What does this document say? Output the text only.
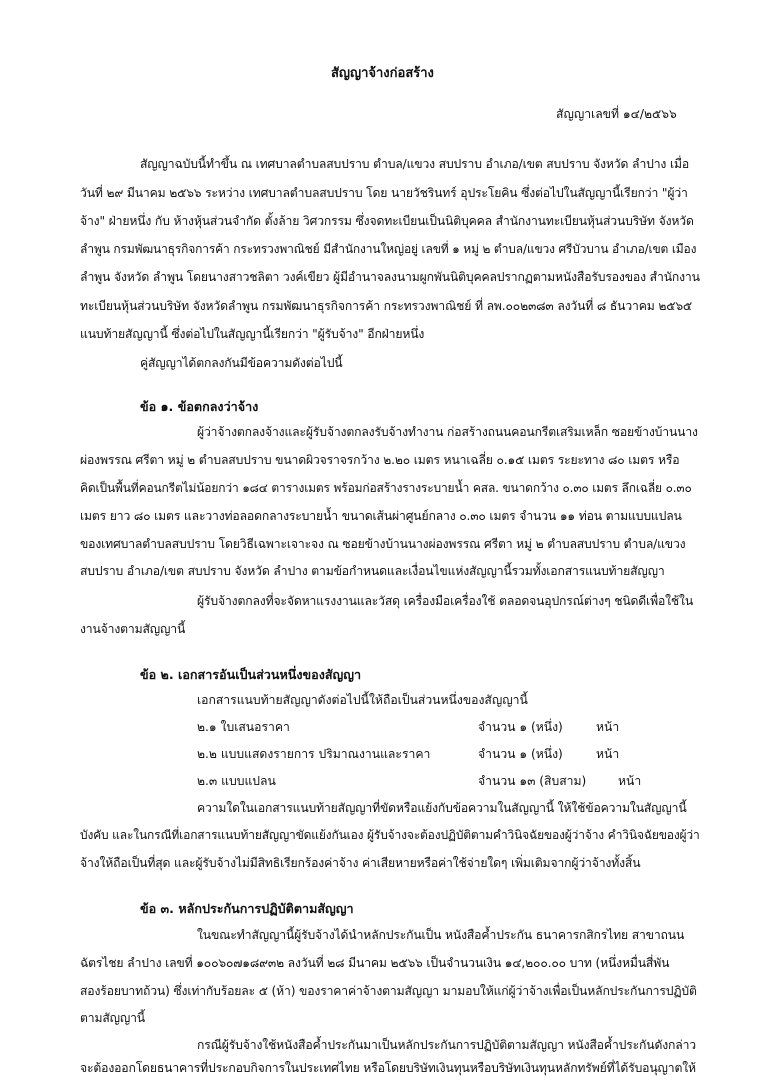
สัญญาจ้างก่อสร้าง
สัญญาเลขที่ ๑๔/๒๕๖๖
สัญญาฉบับนี้ทำขึ้น ณ เทศบาลตำบลสบปราบ ตำบล/แขวง สบปราบ อำเภอ/เขต สบปราบ จังหวัด ลำปาง เมื่อ
วันที่ ๒๙ มีนาคม ๒๕๖๖ ระหว่าง เทศบาลตำบลสบปราบ โดย นายวัชรินทร์ อุประโยคิน ซึ่งต่อไปในสัญญานี้เรียกว่า "ผู้ว่า
จ้าง" ฝ่ายหนึ่ง กับ ห้างหุ้นส่วนจำกัด ตั้งล้าย วิศวกรรม ซึ่งจดทะเบียนเป็นนิติบุคคล สำนักงานทะเบียนหุ้นส่วนบริษัท จังหวัด
ลำพูน กรมพัฒนาธุรกิจการค้า กระทรวงพาณิชย์ มีสำนักงานใหญ่อยู่ เลขที่ ๑ หมู่ ๒ ตำบล/แขวง ศรีบัวบาน อำเภอ/เขต เมือง
ลำพูน จังหวัด ลำพูน โดยนางสาวชลิตา วงค์เขียว ผู้มีอำนาจลงนามผูกพันนิติบุคคลปรากฏตามหนังสือรับรองของ สำนักงาน
ทะเบียนหุ้นส่วนบริษัท จังหวัดลำพูน กรมพัฒนาธุรกิจการค้า กระทรวงพาณิชย์ ที่ ลพ.๐๐๒๓๘๓ ลงวันที่ ๘ ธันวาคม ๒๕๖๕
แนบท้ายสัญญานี้ ซึ่งต่อไปในสัญญานี้เรียกว่า "ผู้รับจ้าง" อีกฝ่ายหนึ่ง
คู่สัญญาได้ตกลงกันมีข้อความดังต่อไปนี้
ข้อ ๑. ข้อตกลงว่าจ้าง
ผู้ว่าจ้างตกลงจ้างและผู้รับจ้างตกลงรับจ้างทำงาน ก่อสร้างถนนคอนกรีตเสริมเหล็ก ซอยข้างบ้านนาง
ผ่องพรรณ ศรีตา หมู่ ๒ ตำบลสบปราบ ขนาดผิวจราจรกว้าง ๒.๒๐ เมตร หนาเฉลี่ย ๐.๑๕ เมตร ระยะทาง ๘๐ เมตร หรือ
คิดเป็นพื้นที่คอนกรีตไม่น้อยกว่า ๑๘๔ ตารางเมตร พร้อมก่อสร้างรางระบายน้ำ คสล. ขนาดกว้าง ๐.๓๐ เมตร ลึกเฉลี่ย ๐.๓๐
เมตร ยาว ๘๐ เมตร และวางท่อลอดกลางระบายน้ำ ขนาดเส้นผ่าศูนย์กลาง ๐.๓๐ เมตร จำนวน ๑๑ ท่อน ตามแบบแปลน
ของเทศบาลตำบลสบปราบ โดยวิธีเฉพาะเจาะจง ณ ซอยข้างบ้านนางผ่องพรรณ ศรีตา หมู่ ๒ ตำบลสบปราบ ตำบล/แขวง
สบปราบ อำเภอ/เขต สบปราบ จังหวัด ลำปาง ตามข้อกำหนดและเงื่อนไขแห่งสัญญานี้รวมทั้งเอกสารแนบท้ายสัญญา
ผู้รับจ้างตกลงที่จะจัดหาแรงงานและวัสดุ เครื่องมือเครื่องใช้ ตลอดจนอุปกรณ์ต่างๆ ชนิดดีเพื่อใช้ใน
งานจ้างตามสัญญานี้
ข้อ ๒. เอกสารอันเป็นส่วนหนึ่งของสัญญา
เอกสารแนบท้ายสัญญาดังต่อไปนี้ให้ถือเป็นส่วนหนึ่งของสัญญานี้
๒.๑ ใบเสนอราคา	จำนวน ๑ (หนึ่ง)	หน้า
๒.๒ แบบแสดงรายการ ปริมาณงานและราคา	จำนวน ๑ (หนึ่ง)	หน้า
๒.๓ แบบแปลน	จำนวน ๑๓ (สิบสาม)	หน้า
ความใดในเอกสารแนบท้ายสัญญาที่ขัดหรือแย้งกับข้อความในสัญญานี้ ให้ใช้ข้อความในสัญญานี้
บังคับ และในกรณีที่เอกสารแนบท้ายสัญญาขัดแย้งกันเอง ผู้รับจ้างจะต้องปฏิบัติตามคำวินิจฉัยของผู้ว่าจ้าง คำวินิจฉัยของผู้ว่า
จ้างให้ถือเป็นที่สุด และผู้รับจ้างไม่มีสิทธิเรียกร้องค่าจ้าง ค่าเสียหายหรือค่าใช้จ่ายใดๆ เพิ่มเติมจากผู้ว่าจ้างทั้งสิ้น
ข้อ ๓. หลักประกันการปฏิบัติตามสัญญา
ในขณะทำสัญญานี้ผู้รับจ้างได้นำหลักประกันเป็น หนังสือค้ำประกัน ธนาคารกสิกรไทย สาขาถนน
ฉัตรไชย ลำปาง เลขที่ ๑๐๐๖๐๗๑๘๙๓๒ ลงวันที่ ๒๘ มีนาคม ๒๕๖๖ เป็นจำนวนเงิน ๑๔,๒๐๐.๐๐ บาท (หนึ่งหมื่นสี่พัน
สองร้อยบาทถ้วน) ซึ่งเท่ากับร้อยละ ๕ (ห้า) ของราคาค่าจ้างตามสัญญา มามอบให้แก่ผู้ว่าจ้างเพื่อเป็นหลักประกันการปฏิบัติ
ตามสัญญานี้
กรณีผู้รับจ้างใช้หนังสือค้ำประกันมาเป็นหลักประกันการปฏิบัติตามสัญญา หนังสือค้ำประกันดังกล่าว
จะต้องออกโดยธนาคารที่ประกอบกิจการในประเทศไทย หรือโดยบริษัทเงินทุนหรือบริษัทเงินทุนหลักทรัพย์ที่ได้รับอนุญาตให้
